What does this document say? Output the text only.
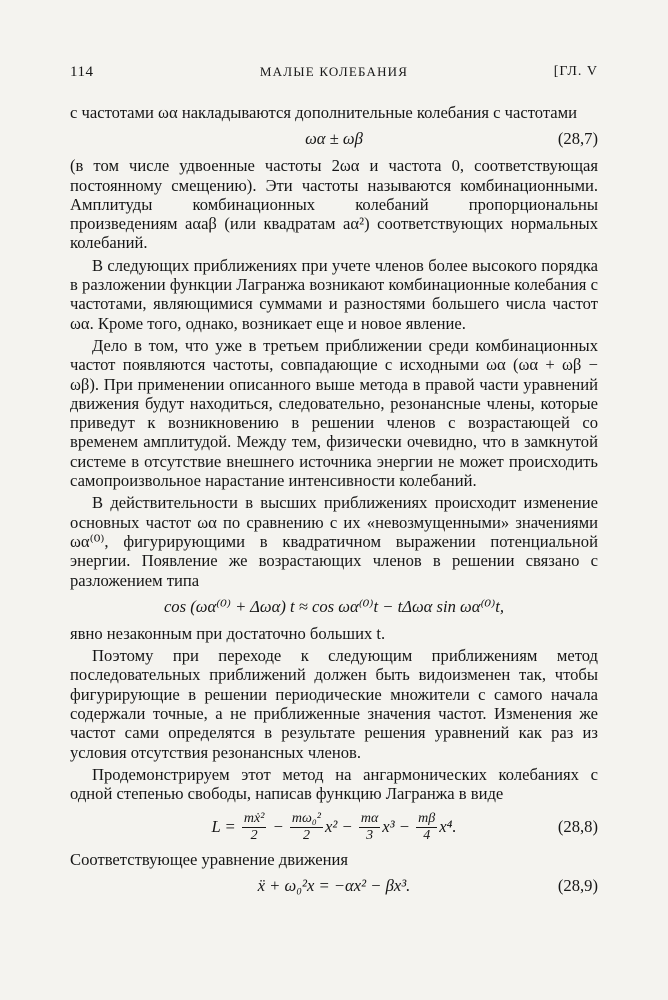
114	МАЛЫЕ КОЛЕБАНИЯ	[ГЛ. V

с частотами ωα накладываются дополнительные колебания с частотами

ωα ± ωβ	(28,7)

(в том числе удвоенные частоты 2ωα и частота 0, соответствующая постоянному смещению). Эти частоты называются комбинационными. Амплитуды комбинационных колебаний пропорциональны произведениям aαaβ (или квадратам aα²) соответствующих нормальных колебаний.

В следующих приближениях при учете членов более высокого порядка в разложении функции Лагранжа возникают комбинационные колебания с частотами, являющимися суммами и разностями большего числа частот ωα. Кроме того, однако, возникает еще и новое явление.

Дело в том, что уже в третьем приближении среди комбинационных частот появляются частоты, совпадающие с исходными ωα (ωα + ωβ − ωβ). При применении описанного выше метода в правой части уравнений движения будут находиться, следовательно, резонансные члены, которые приведут к возникновению в решении членов с возрастающей со временем амплитудой. Между тем, физически очевидно, что в замкнутой системе в отсутствие внешнего источника энергии не может происходить самопроизвольное нарастание интенсивности колебаний.

В действительности в высших приближениях происходит изменение основных частот ωα по сравнению с их «невозмущенными» значениями ωα⁽⁰⁾, фигурирующими в квадратичном выражении потенциальной энергии. Появление же возрастающих членов в решении связано с разложением типа

cos (ωα⁽⁰⁾ + Δωα) t ≈ cos ωα⁽⁰⁾t − tΔωα sin ωα⁽⁰⁾t,

явно незаконным при достаточно больших t.

Поэтому при переходе к следующим приближениям метод последовательных приближений должен быть видоизменен так, чтобы фигурирующие в решении периодические множители с самого начала содержали точные, а не приближенные значения частот. Изменения же частот сами определятся в результате решения уравнений как раз из условия отсутствия резонансных членов.

Продемонстрируем этот метод на ангармонических колебаниях с одной степенью свободы, написав функцию Лагранжа в виде

$L = \frac{\text{mẋ²}}{2} - \frac{\text{mω₀²}}{2} x^2 - \frac{m\alpha}{3} x^3 - \frac{m\beta}{4} x^4$.	(28,8)

Соответствующее уравнение движения

ẍ + ω₀²x = −αx² − βx³.	(28,9)
